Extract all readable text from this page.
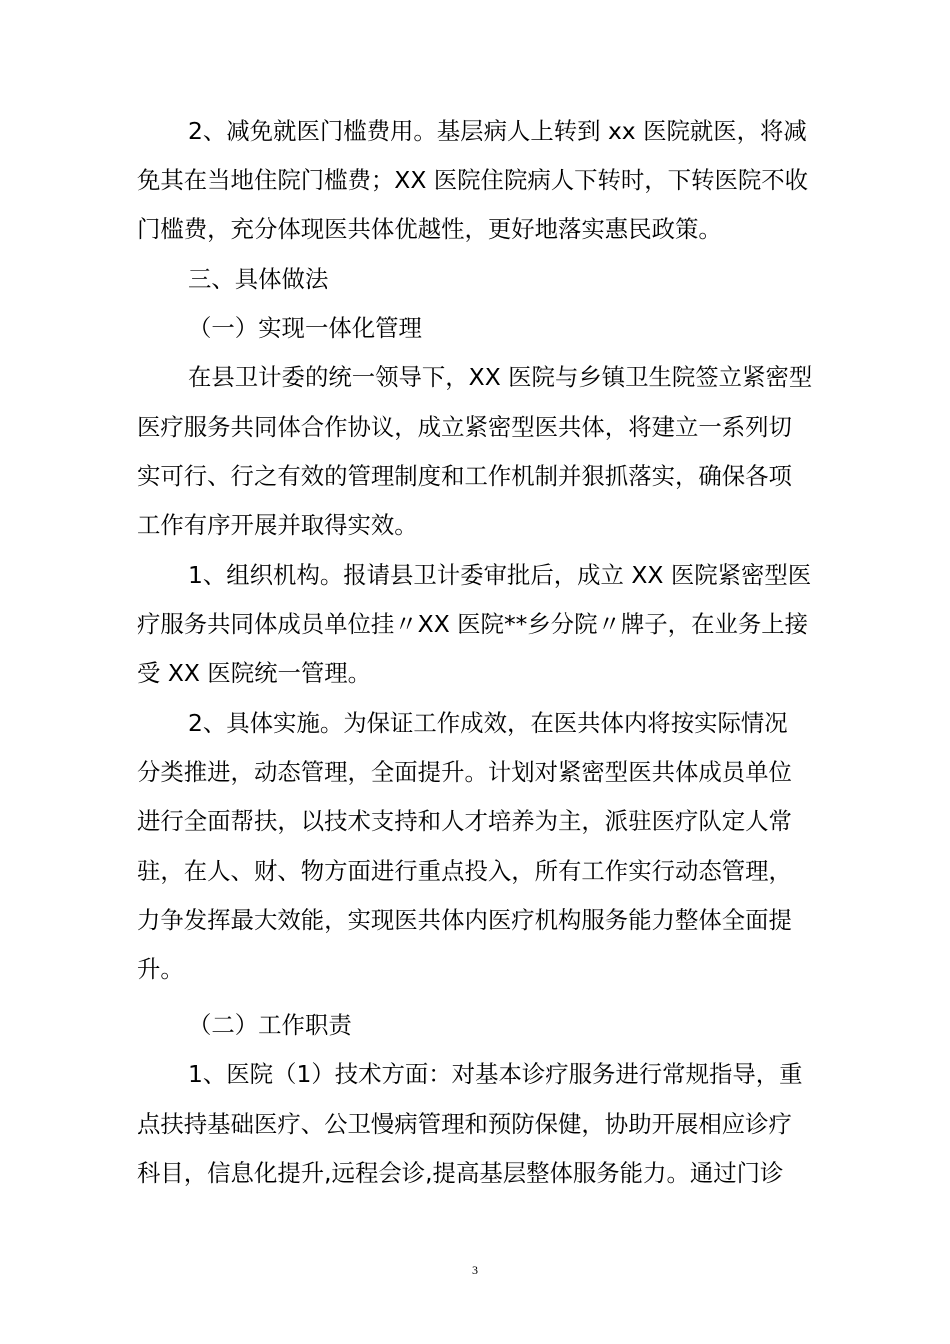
2、减免就医门槛费用。基层病人上转到 xx 医院就医，将减
免其在当地住院门槛费；XX 医院住院病人下转时，下转医院不收
门槛费，充分体现医共体优越性，更好地落实惠民政策。
三、具体做法
（一）实现一体化管理
在县卫计委的统一领导下，XX 医院与乡镇卫生院签立紧密型
医疗服务共同体合作协议，成立紧密型医共体，将建立一系列切
实可行、行之有效的管理制度和工作机制并狠抓落实，确保各项
工作有序开展并取得实效。
1、组织机构。报请县卫计委审批后，成立 XX 医院紧密型医
疗服务共同体成员单位挂〃XX 医院**乡分院〃牌子，在业务上接
受 XX 医院统一管理。
2、具体实施。为保证工作成效，在医共体内将按实际情况
分类推进，动态管理，全面提升。计划对紧密型医共体成员单位
进行全面帮扶，以技术支持和人才培养为主，派驻医疗队定人常
驻，在人、财、物方面进行重点投入，所有工作实行动态管理，
力争发挥最大效能，实现医共体内医疗机构服务能力整体全面提
升。
（二）工作职责
1、医院（1）技术方面：对基本诊疗服务进行常规指导，重
点扶持基础医疗、公卫慢病管理和预防保健，协助开展相应诊疗
科目，信息化提升,远程会诊,提高基层整体服务能力。通过门诊
3
